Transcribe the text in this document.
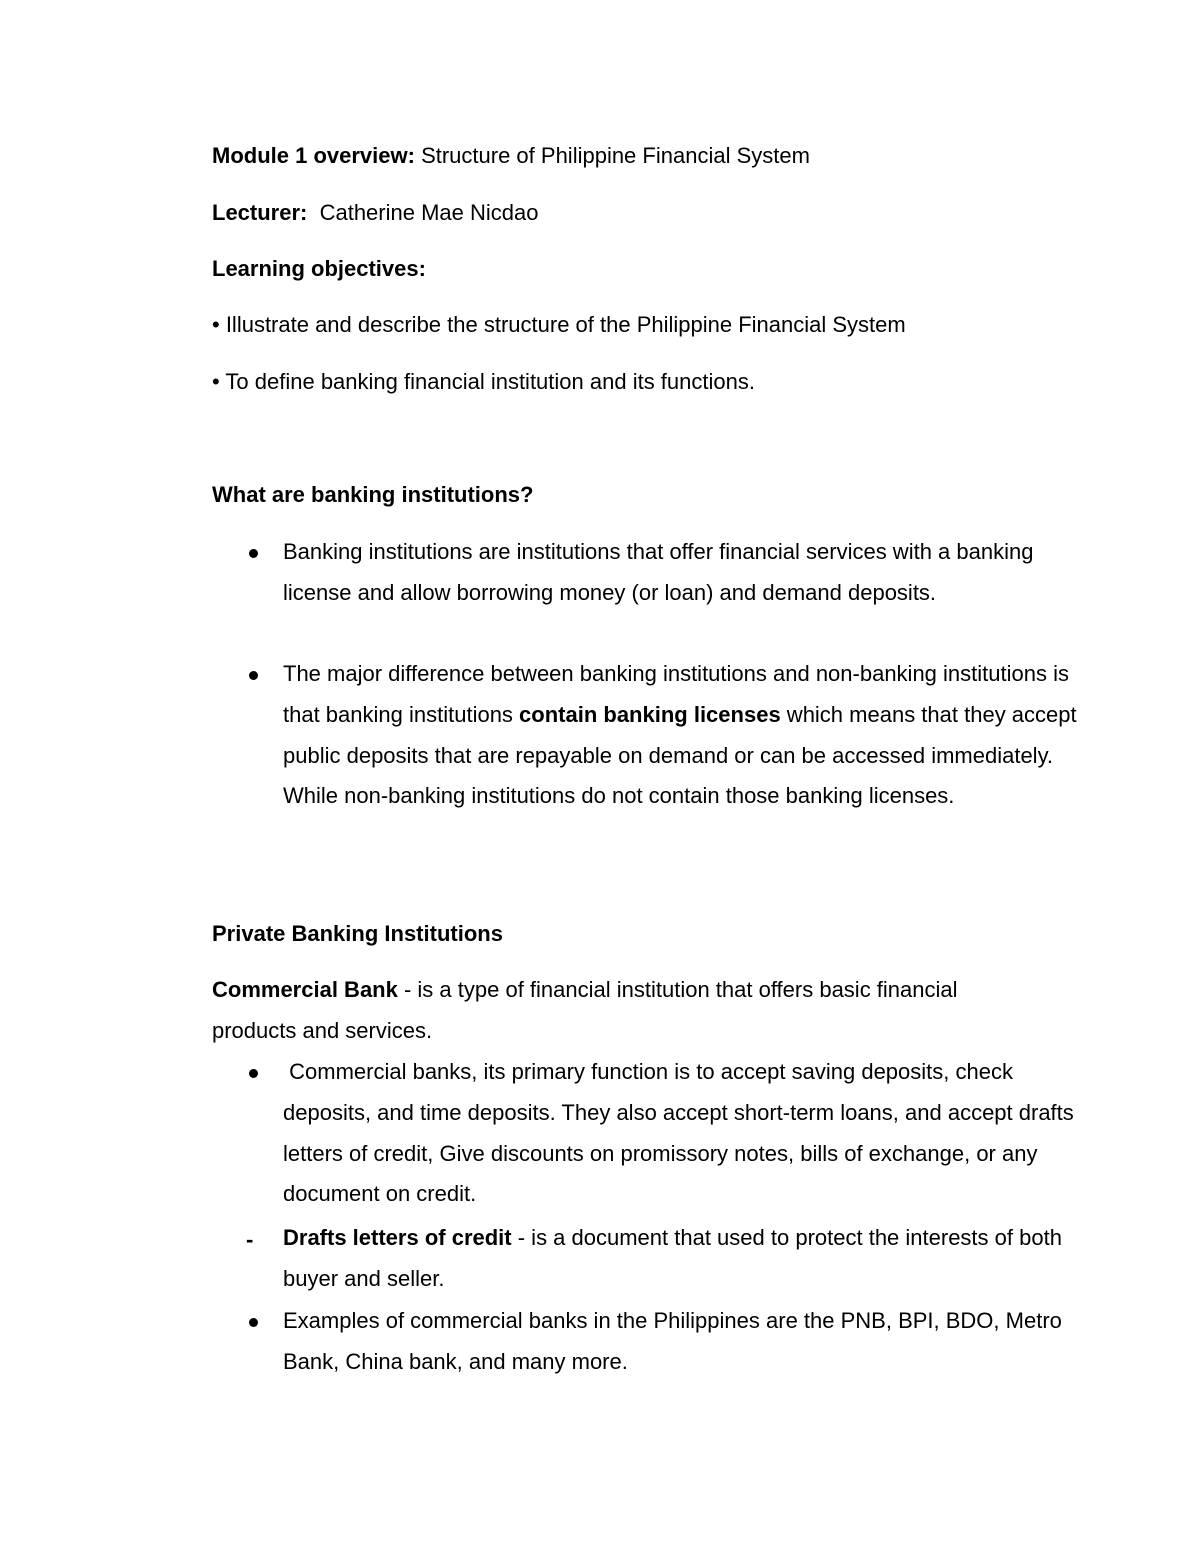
Module 1 overview: Structure of Philippine Financial System
Lecturer:  Catherine Mae Nicdao
Learning objectives:
• Illustrate and describe the structure of the Philippine Financial System
• To define banking financial institution and its functions.
What are banking institutions?
Banking institutions are institutions that offer financial services with a banking license and allow borrowing money (or loan) and demand deposits.
The major difference between banking institutions and non-banking institutions is that banking institutions contain banking licenses which means that they accept public deposits that are repayable on demand or can be accessed immediately. While non-banking institutions do not contain those banking licenses.
Private Banking Institutions
Commercial Bank - is a type of financial institution that offers basic financial products and services.
Commercial banks, its primary function is to accept saving deposits, check deposits, and time deposits. They also accept short-term loans, and accept drafts letters of credit, Give discounts on promissory notes, bills of exchange, or any document on credit.
- Drafts letters of credit - is a document that used to protect the interests of both buyer and seller.
Examples of commercial banks in the Philippines are the PNB, BPI, BDO, Metro Bank, China bank, and many more.
